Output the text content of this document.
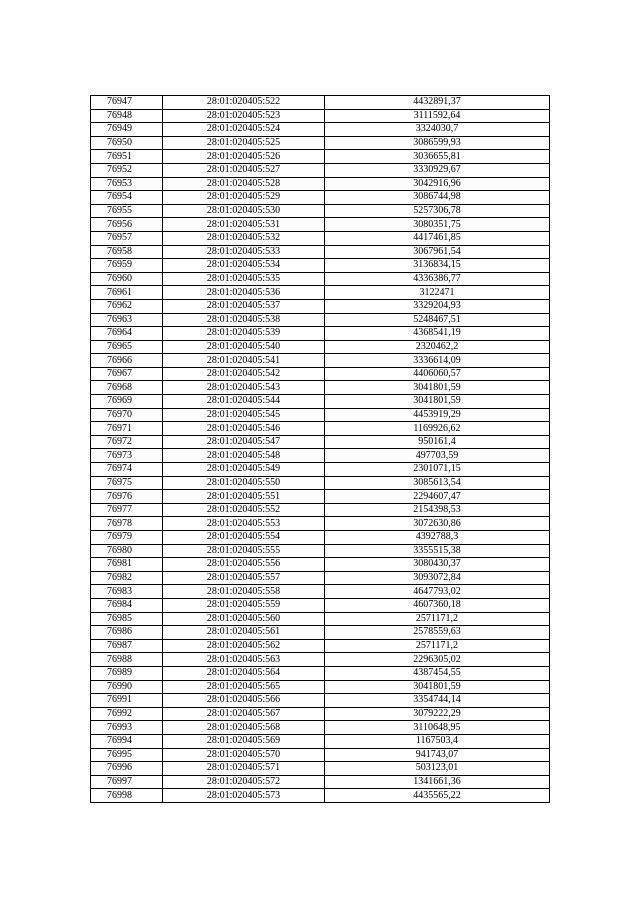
76947	28:01:020405:522	4432891,37
76948	28:01:020405:523	3111592,64
76949	28:01:020405:524	3324030,7
76950	28:01:020405:525	3086599,93
76951	28:01:020405:526	3036655,81
76952	28:01:020405:527	3330929,67
76953	28:01:020405:528	3042916,96
76954	28:01:020405:529	3086744,98
76955	28:01:020405:530	5257306,78
76956	28:01:020405:531	3080351,75
76957	28:01:020405:532	4417461,85
76958	28:01:020405:533	3067961,54
76959	28:01:020405:534	3136834,15
76960	28:01:020405:535	4336386,77
76961	28:01:020405:536	3122471
76962	28:01:020405:537	3329204,93
76963	28:01:020405:538	5248467,51
76964	28:01:020405:539	4368541,19
76965	28:01:020405:540	2320462,2
76966	28:01:020405:541	3336614,09
76967	28:01:020405:542	4406060,57
76968	28:01:020405:543	3041801,59
76969	28:01:020405:544	3041801,59
76970	28:01:020405:545	4453919,29
76971	28:01:020405:546	1169926,62
76972	28:01:020405:547	950161,4
76973	28:01:020405:548	497703,59
76974	28:01:020405:549	2301071,15
76975	28:01:020405:550	3085613,54
76976	28:01:020405:551	2294607,47
76977	28:01:020405:552	2154398,53
76978	28:01:020405:553	3072630,86
76979	28:01:020405:554	4392788,3
76980	28:01:020405:555	3355515,38
76981	28:01:020405:556	3080430,37
76982	28:01:020405:557	3093072,84
76983	28:01:020405:558	4647793,02
76984	28:01:020405:559	4607360,18
76985	28:01:020405:560	2571171,2
76986	28:01:020405:561	2578559,63
76987	28:01:020405:562	2571171,2
76988	28:01:020405:563	2296305,02
76989	28:01:020405:564	4387454,55
76990	28:01:020405:565	3041801,59
76991	28:01:020405:566	3354744,14
76992	28:01:020405:567	3079222,29
76993	28:01:020405:568	3110648,95
76994	28:01:020405:569	1167503,4
76995	28:01:020405:570	941743,07
76996	28:01:020405:571	503123,01
76997	28:01:020405:572	1341661,36
76998	28:01:020405:573	4435565,22
